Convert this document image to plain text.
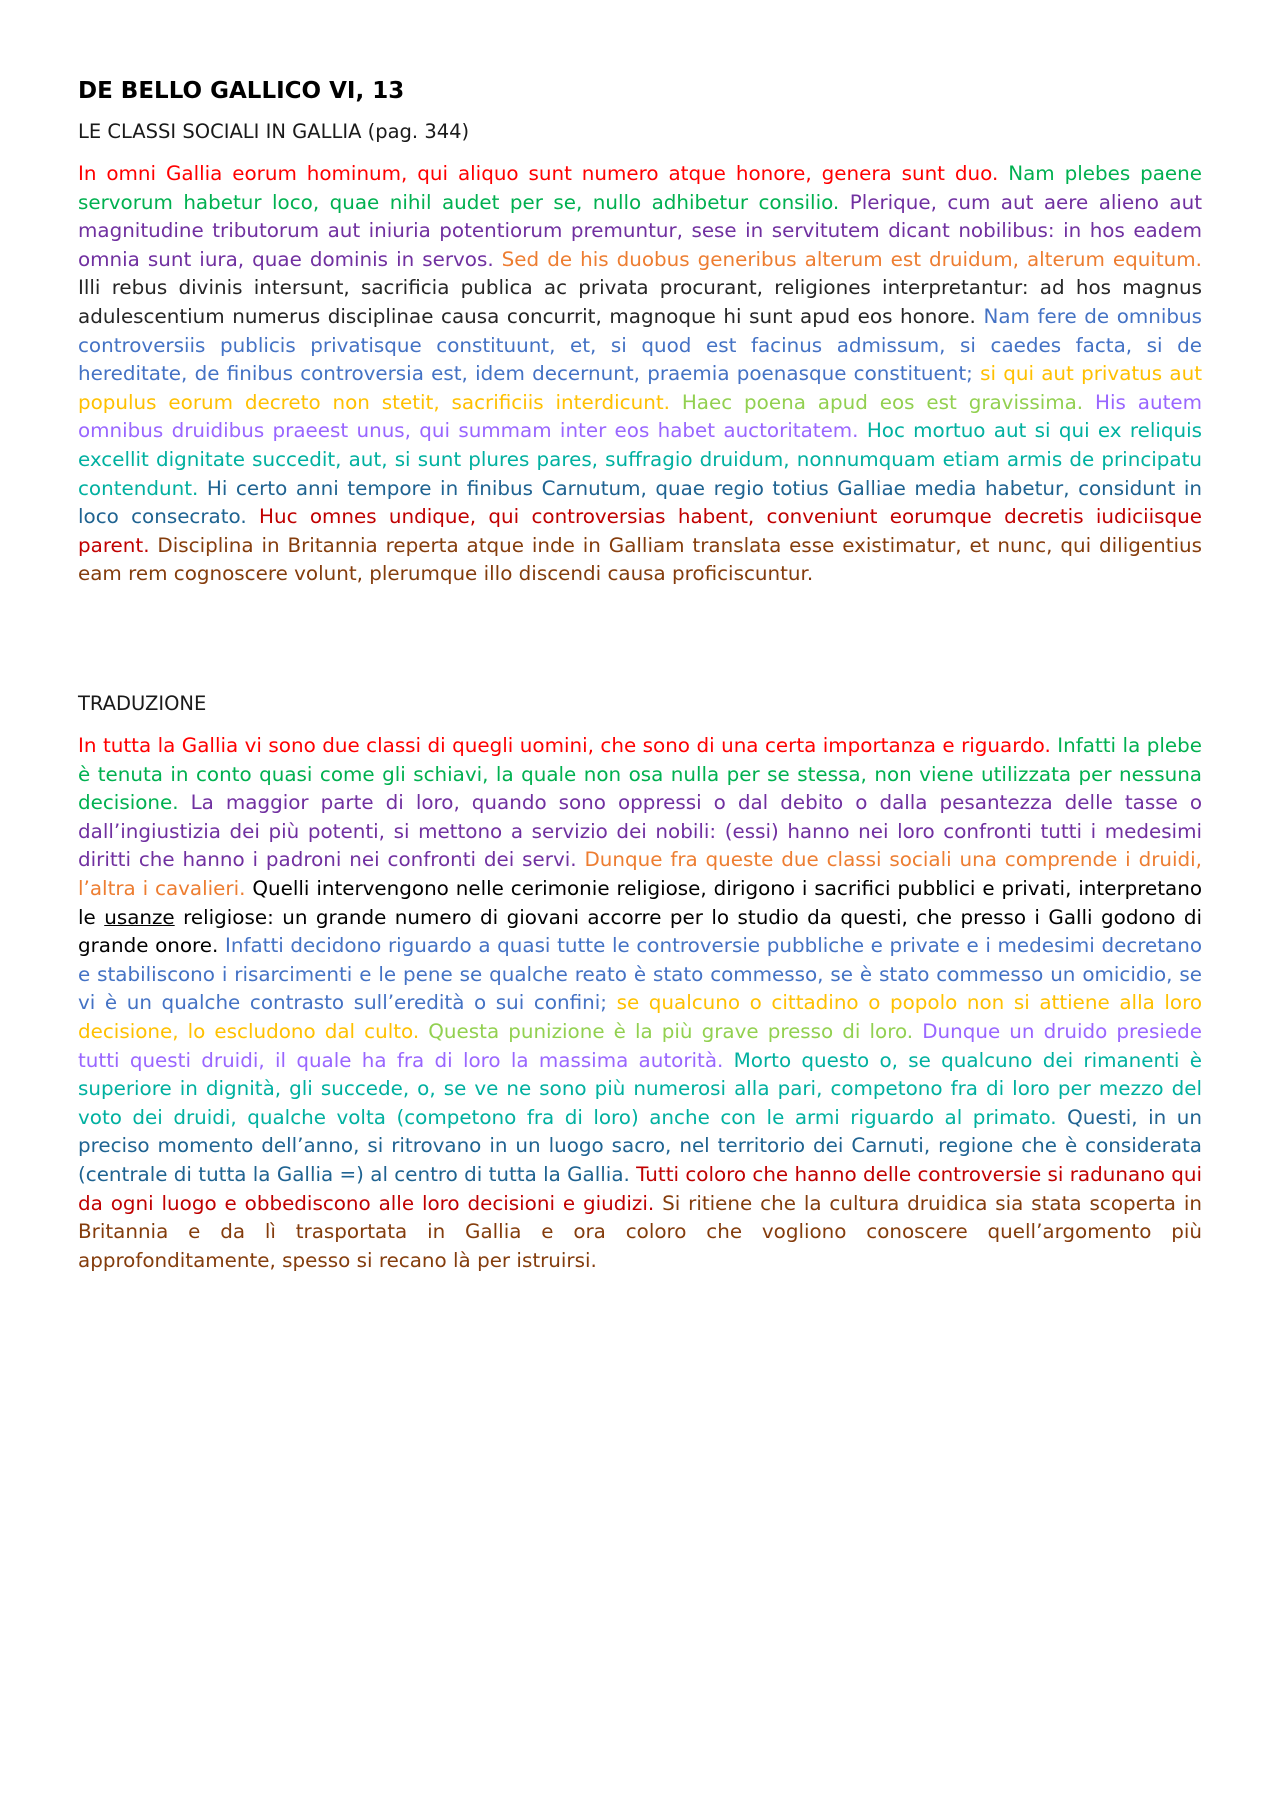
DE BELLO GALLICO VI, 13

LE CLASSI SOCIALI IN GALLIA (pag. 344)

In omni Gallia eorum hominum, qui aliquo sunt numero atque honore, genera sunt duo. Nam plebes paene servorum habetur loco, quae nihil audet per se, nullo adhibetur consilio. Plerique, cum aut aere alieno aut magnitudine tributorum aut iniuria potentiorum premuntur, sese in servitutem dicant nobilibus: in hos eadem omnia sunt iura, quae dominis in servos. Sed de his duobus generibus alterum est druidum, alterum equitum. Illi rebus divinis intersunt, sacrificia publica ac privata procurant, religiones interpretantur: ad hos magnus adulescentium numerus disciplinae causa concurrit, magnoque hi sunt apud eos honore. Nam fere de omnibus controversiis publicis privatisque constituunt, et, si quod est facinus admissum, si caedes facta, si de hereditate, de finibus controversia est, idem decernunt, praemia poenasque constituent; si qui aut privatus aut populus eorum decreto non stetit, sacrificiis interdicunt. Haec poena apud eos est gravissima. His autem omnibus druidibus praeest unus, qui summam inter eos habet auctoritatem. Hoc mortuo aut si qui ex reliquis excellit dignitate succedit, aut, si sunt plures pares, suffragio druidum, nonnumquam etiam armis de principatu contendunt. Hi certo anni tempore in finibus Carnutum, quae regio totius Galliae media habetur, considunt in loco consecrato. Huc omnes undique, qui controversias habent, conveniunt eorumque decretis iudiciisque parent. Disciplina in Britannia reperta atque inde in Galliam translata esse existimatur, et nunc, qui diligentius eam rem cognoscere volunt, plerumque illo discendi causa proficiscuntur.

TRADUZIONE

In tutta la Gallia vi sono due classi di quegli uomini, che sono di una certa importanza e riguardo. Infatti la plebe è tenuta in conto quasi come gli schiavi, la quale non osa nulla per se stessa, non viene utilizzata per nessuna decisione. La maggior parte di loro, quando sono oppressi o dal debito o dalla pesantezza delle tasse o dall’ingiustizia dei più potenti, si mettono a servizio dei nobili: (essi) hanno nei loro confronti tutti i medesimi diritti che hanno i padroni nei confronti dei servi. Dunque fra queste due classi sociali una comprende i druidi, l’altra i cavalieri. Quelli intervengono nelle cerimonie religiose, dirigono i sacrifici pubblici e privati, interpretano le usanze religiose: un grande numero di giovani accorre per lo studio da questi, che presso i Galli godono di grande onore. Infatti decidono riguardo a quasi tutte le controversie pubbliche e private e i medesimi decretano e stabiliscono i risarcimenti e le pene se qualche reato è stato commesso, se è stato commesso un omicidio, se vi è un qualche contrasto sull’eredità o sui confini; se qualcuno o cittadino o popolo non si attiene alla loro decisione, lo escludono dal culto. Questa punizione è la più grave presso di loro. Dunque un druido presiede tutti questi druidi, il quale ha fra di loro la massima autorità. Morto questo o, se qualcuno dei rimanenti è superiore in dignità, gli succede, o, se ve ne sono più numerosi alla pari, competono fra di loro per mezzo del voto dei druidi, qualche volta (competono fra di loro) anche con le armi riguardo al primato. Questi, in un preciso momento dell’anno, si ritrovano in un luogo sacro, nel territorio dei Carnuti, regione che è considerata (centrale di tutta la Gallia =) al centro di tutta la Gallia. Tutti coloro che hanno delle controversie si radunano qui da ogni luogo e obbediscono alle loro decisioni e giudizi. Si ritiene che la cultura druidica sia stata scoperta in Britannia e da lì trasportata in Gallia e ora coloro che vogliono conoscere quell’argomento più approfonditamente, spesso si recano là per istruirsi.
